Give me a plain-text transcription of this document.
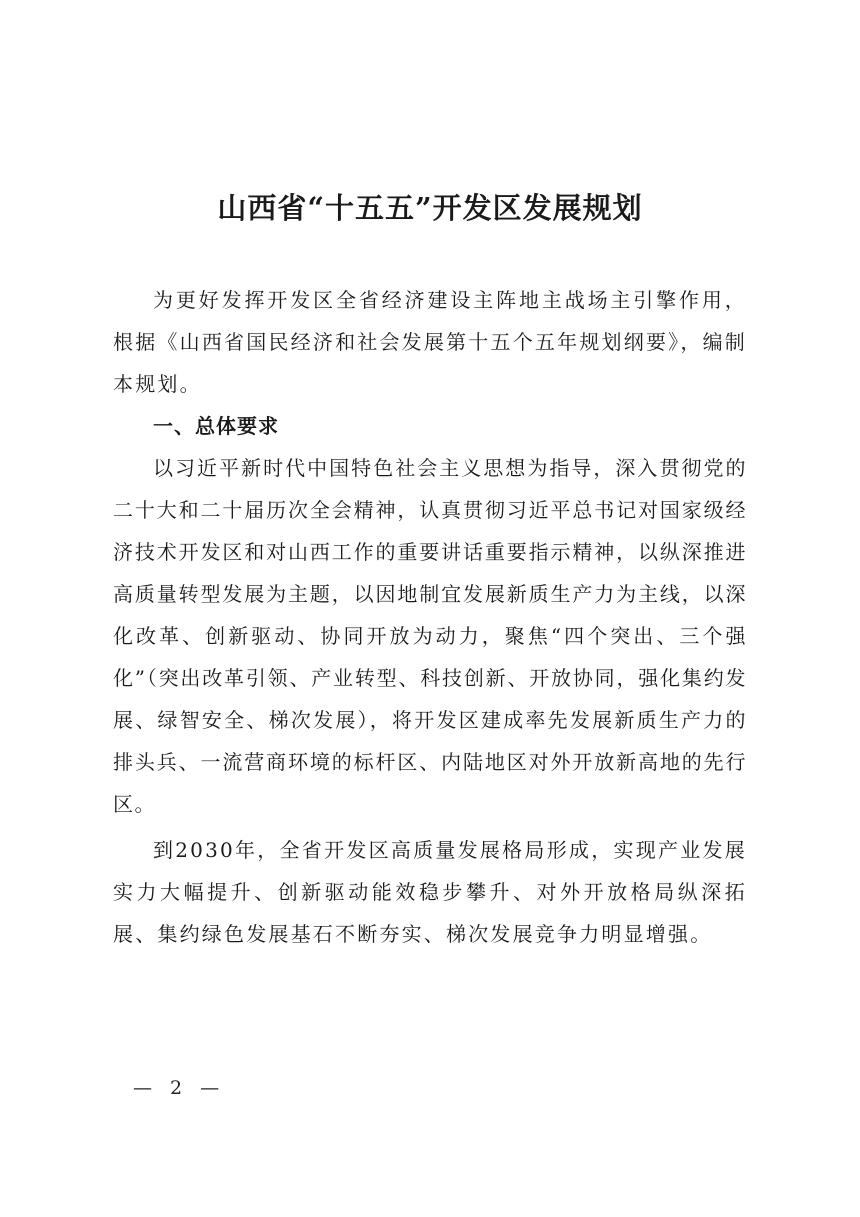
山西省“十五五”开发区发展规划

为更好发挥开发区全省经济建设主阵地主战场主引擎作用，根据《山西省国民经济和社会发展第十五个五年规划纲要》，编制本规划。

一、总体要求

以习近平新时代中国特色社会主义思想为指导，深入贯彻党的二十大和二十届历次全会精神，认真贯彻习近平总书记对国家级经济技术开发区和对山西工作的重要讲话重要指示精神，以纵深推进高质量转型发展为主题，以因地制宜发展新质生产力为主线，以深化改革、创新驱动、协同开放为动力，聚焦“四个突出、三个强化”（突出改革引领、产业转型、科技创新、开放协同，强化集约发展、绿智安全、梯次发展），将开发区建成率先发展新质生产力的排头兵、一流营商环境的标杆区、内陆地区对外开放新高地的先行区。

到2030年，全省开发区高质量发展格局形成，实现产业发展实力大幅提升、创新驱动能效稳步攀升、对外开放格局纵深拓展、集约绿色发展基石不断夯实、梯次发展竞争力明显增强。

— 2 —
